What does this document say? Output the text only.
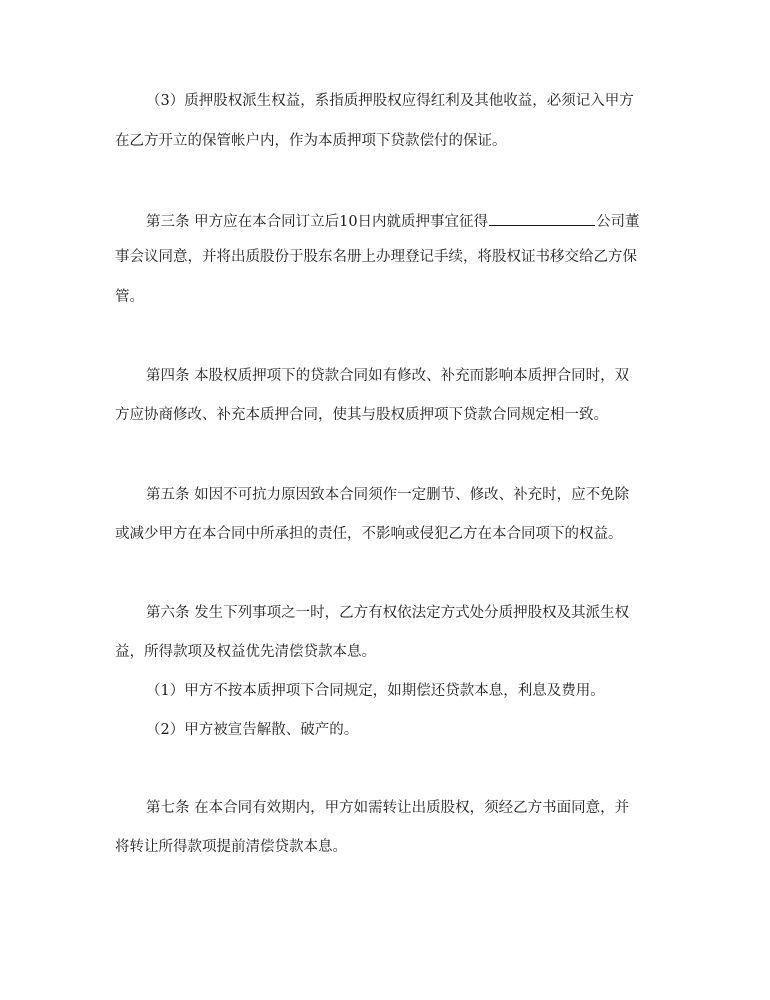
（3）质押股权派生权益，系指质押股权应得红利及其他收益，必须记入甲方
在乙方开立的保管帐户内，作为本质押项下贷款偿付的保证。
第三条 甲方应在本合同订立后10日内就质押事宜征得	公司董
事会议同意，并将出质股份于股东名册上办理登记手续，将股权证书移交给乙方保
管。
第四条 本股权质押项下的贷款合同如有修改、补充而影响本质押合同时，双
方应协商修改、补充本质押合同，使其与股权质押项下贷款合同规定相一致。
第五条 如因不可抗力原因致本合同须作一定删节、修改、补充时，应不免除
或减少甲方在本合同中所承担的责任，不影响或侵犯乙方在本合同项下的权益。
第六条 发生下列事项之一时，乙方有权依法定方式处分质押股权及其派生权
益，所得款项及权益优先清偿贷款本息。
（1）甲方不按本质押项下合同规定，如期偿还贷款本息，利息及费用。
（2）甲方被宣告解散、破产的。
第七条 在本合同有效期内，甲方如需转让出质股权，须经乙方书面同意，并
将转让所得款项提前清偿贷款本息。
